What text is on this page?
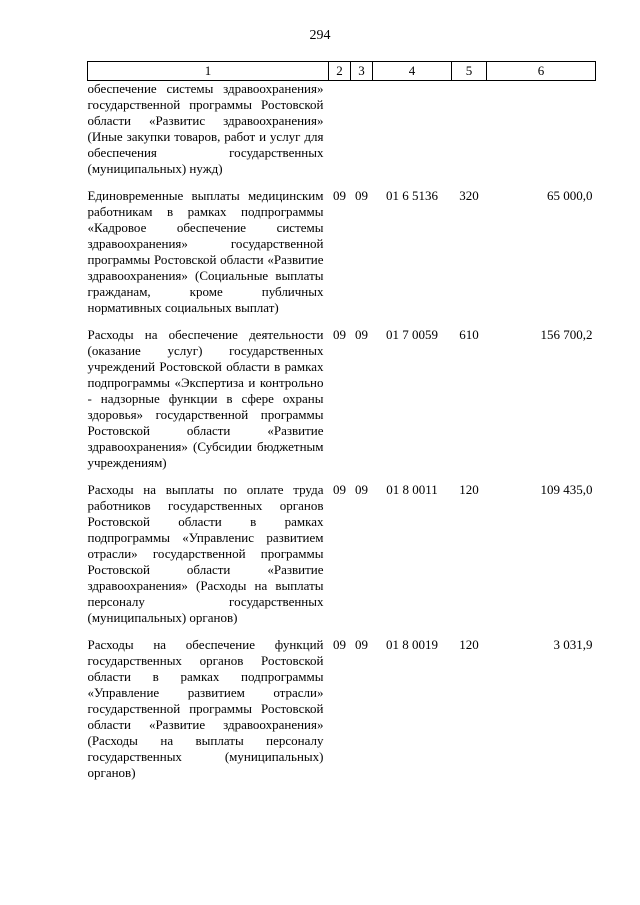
294
1	2	3	4	5	6
обеспечение системы здравоохранения» государственной программы Ростовской области «Развитис здравоохранения» (Иные закупки товаров, работ и услуг для обеспечения государственных (муниципальных) нужд)					
Единовременные выплаты медицинским работникам в рамках подпрограммы «Кадровое обеспечение системы здравоохранения» государственной программы Ростовской области «Развитие здравоохранения» (Социальные выплаты гражданам, кроме публичных нормативных социальных выплат)	09	09	01 6 5136	320	65 000,0
Расходы на обеспечение деятельности (оказание услуг) государственных учреждений Ростовской области в рамках подпрограммы «Экспертиза и контрольно - надзорные функции в сфере охраны здоровья» государственной программы Ростовской области «Развитие здравоохранения» (Субсидии бюджетным учреждениям)	09	09	01 7 0059	610	156 700,2
Расходы на выплаты по оплате труда работников государственных органов Ростовской области в рамках подпрограммы «Управленис развитием отрасли» государственной программы Ростовской области «Развитие здравоохранения» (Расходы на выплаты персоналу государственных (муниципальных) органов)	09	09	01 8 0011	120	109 435,0
Расходы на обеспечение функций государственных органов Ростовской области в рамках подпрограммы «Управление развитием отрасли» государственной программы Ростовской области «Развитие здравоохранения» (Расходы на выплаты персоналу государственных (муниципальных) органов)	09	09	01 8 0019	120	3 031,9
